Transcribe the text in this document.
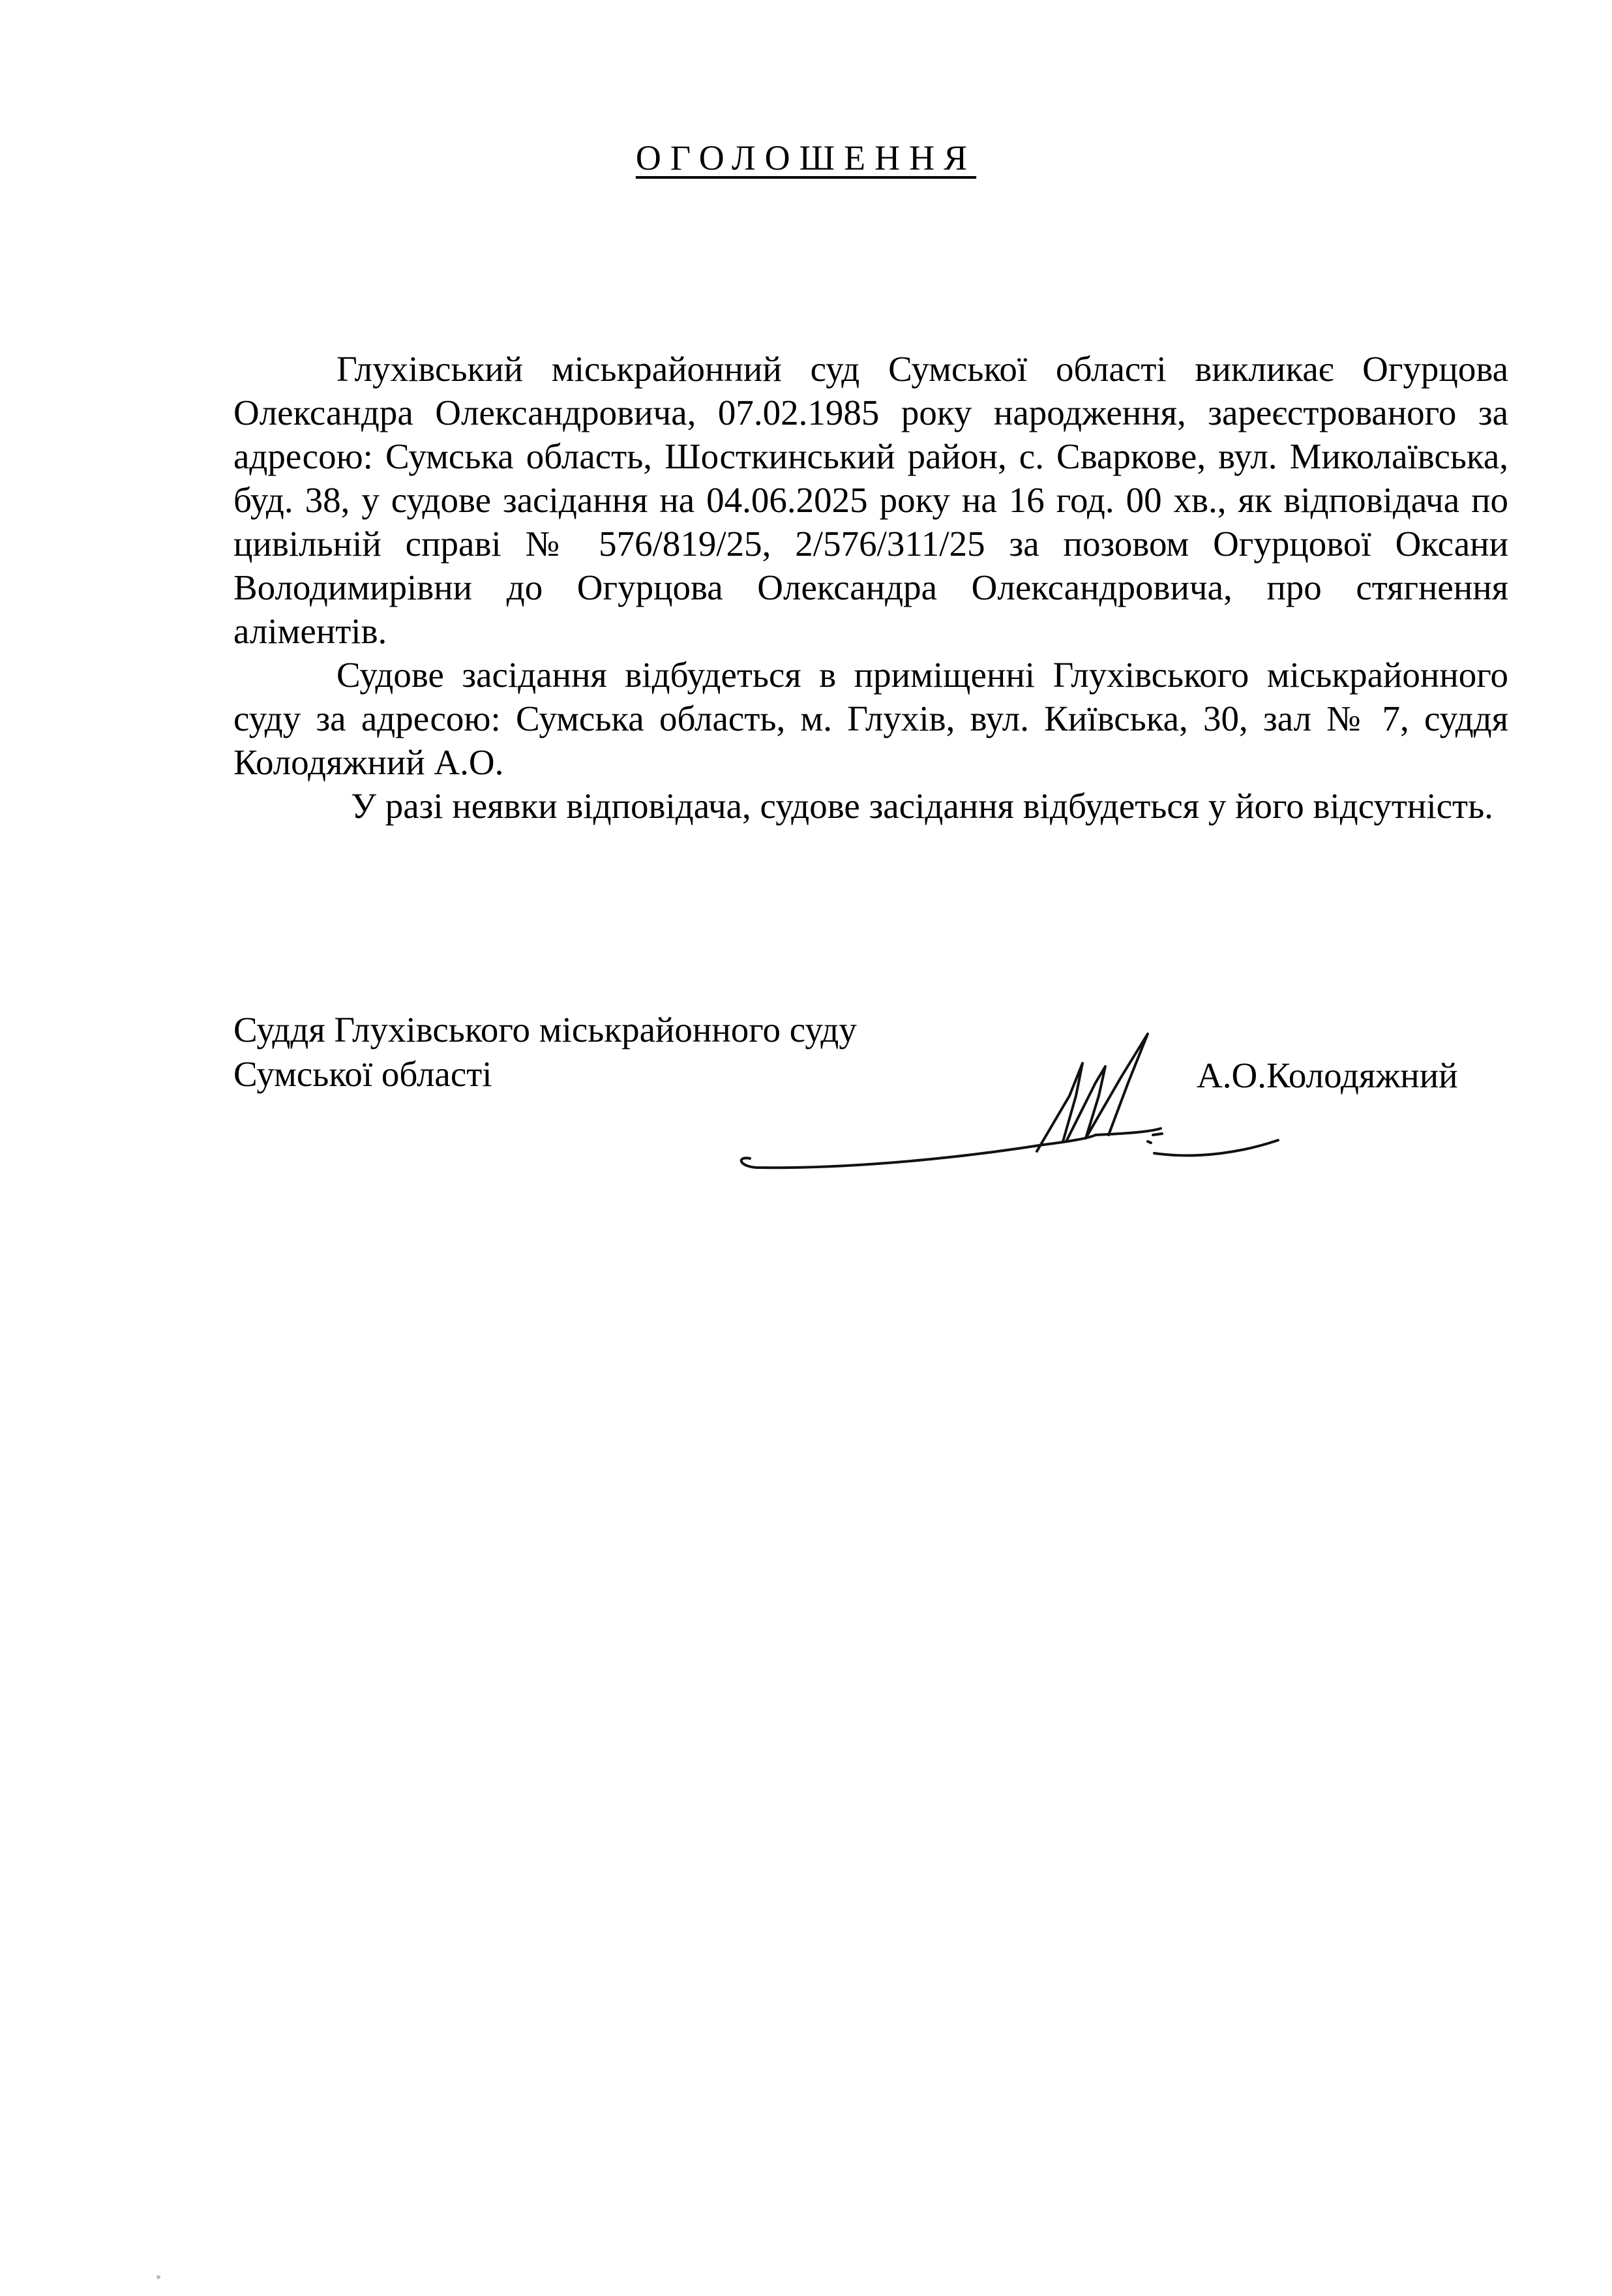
ОГОЛОШЕННЯ

Глухівський міськрайонний суд Сумської області викликає Огурцова Олександра Олександровича, 07.02.1985 року народження, зареєстрованого за адресою: Сумська область, Шосткинський район, с. Сваркове, вул. Миколаївська, буд. 38, у судове засідання на 04.06.2025 року на 16 год. 00 хв., як відповідача по цивільній справі № 576/819/25, 2/576/311/25 за позовом Огурцової Оксани Володимирівни до Огурцова Олександра Олександровича, про стягнення аліментів.

Судове засідання відбудеться в приміщенні Глухівського міськрайонного суду за адресою: Сумська область, м. Глухів, вул. Київська, 30, зал № 7, суддя Колодяжний А.О.

У разі неявки відповідача, судове засідання відбудеться у його відсутність.

Суддя Глухівського міськрайонного суду
Сумської області	А.О.Колодяжний
